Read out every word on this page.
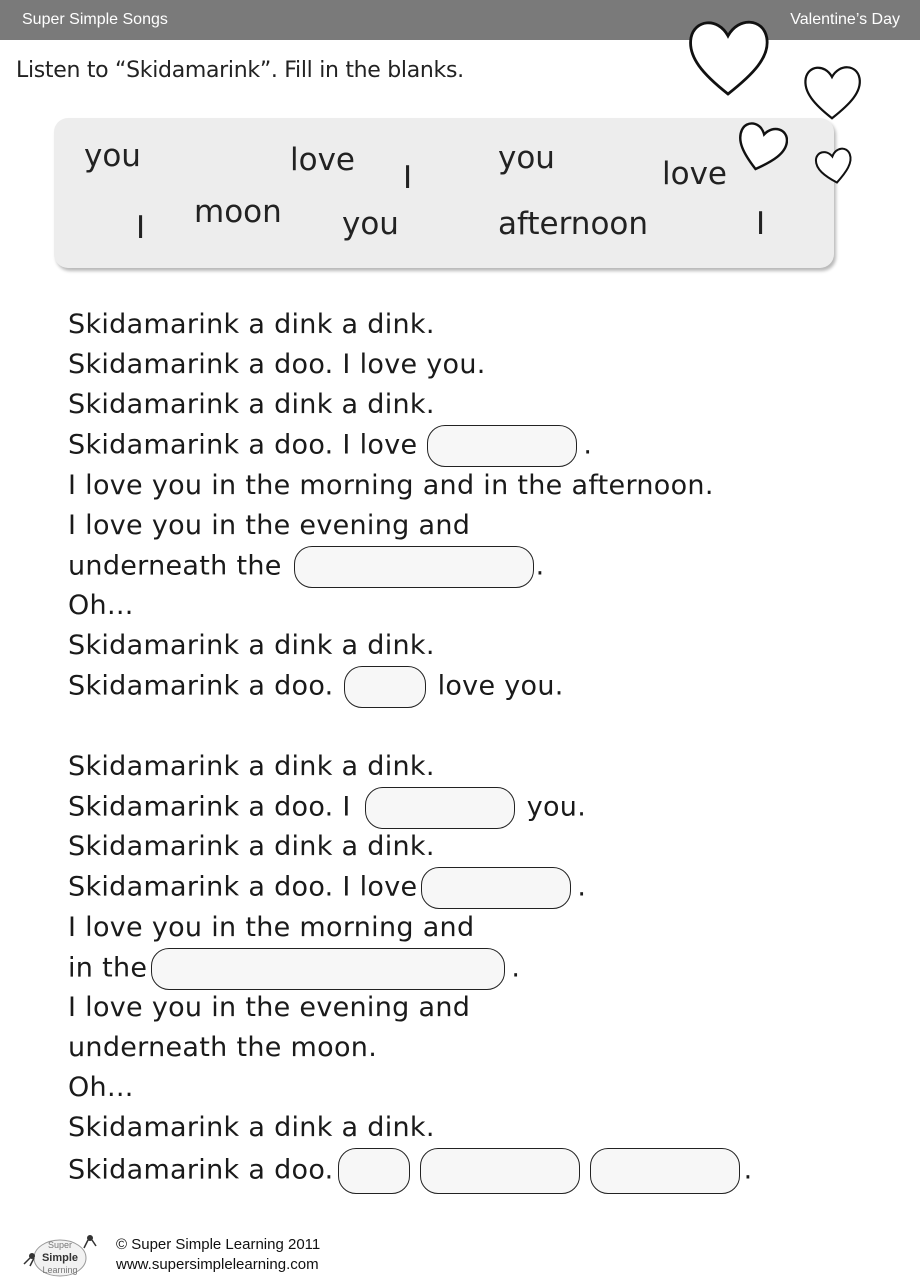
Super Simple Songs	Valentine’s Day
Listen to “Skidamarink”. Fill in the blanks.
you	love I
you	love
I moon you	afternoon	I
Skidamarink a dink a dink.
Skidamarink a doo. I love you.
Skidamarink a dink a dink.
Skidamarink a doo. I love	.
I love you in the morning and in the afternoon.
I love you in the evening and
underneath the	.
Oh...
Skidamarink a dink a dink.
Skidamarink a doo.	love you.
Skidamarink a dink a dink.
Skidamarink a doo. I	you.
Skidamarink a dink a dink.
Skidamarink a doo. I love	.
I love you in the morning and
in the	.
I love you in the evening and
underneath the moon.
Oh...
Skidamarink a dink a dink.
Skidamarink a doo.	.
Super
Simple
Learning
© Super Simple Learning 2011
www.supersimplelearning.com
